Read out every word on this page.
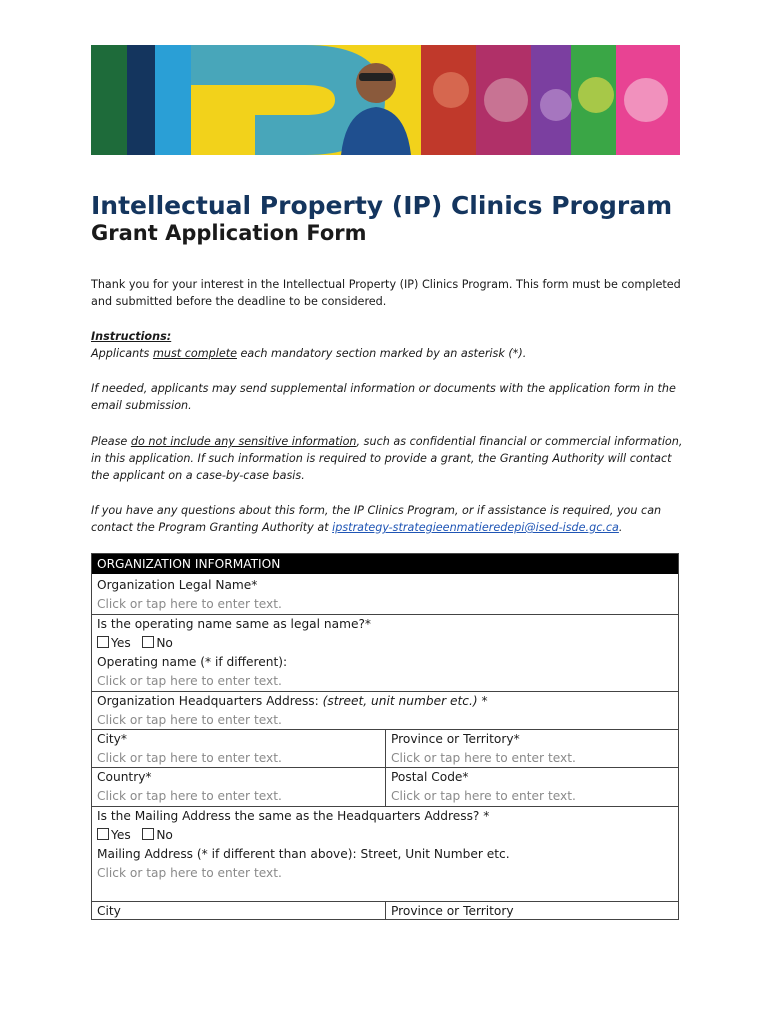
Intellectual Property (IP) Clinics Program
Grant Application Form
Thank you for your interest in the Intellectual Property (IP) Clinics Program. This form must be completed and submitted before the deadline to be considered.
Instructions:
Applicants must complete each mandatory section marked by an asterisk (*).
If needed, applicants may send supplemental information or documents with the application form in the email submission.
Please do not include any sensitive information, such as confidential financial or commercial information, in this application. If such information is required to provide a grant, the Granting Authority will contact the applicant on a case-by-case basis.
If you have any questions about this form, the IP Clinics Program, or if assistance is required, you can contact the Program Granting Authority at ipstrategy-strategieenmatieredepi@ised-isde.gc.ca.
ORGANIZATION INFORMATION
Organization Legal Name*
Click or tap here to enter text.
Is the operating name same as legal name?*
Yes No
Operating name (* if different):
Click or tap here to enter text.
Organization Headquarters Address: (street, unit number etc.) *
Click or tap here to enter text.
City*
Click or tap here to enter text.
Province or Territory*
Click or tap here to enter text.
Country*
Click or tap here to enter text.
Postal Code*
Click or tap here to enter text.
Is the Mailing Address the same as the Headquarters Address? *
Yes No
Mailing Address (* if different than above): Street, Unit Number etc.
Click or tap here to enter text.
City	Province or Territory
